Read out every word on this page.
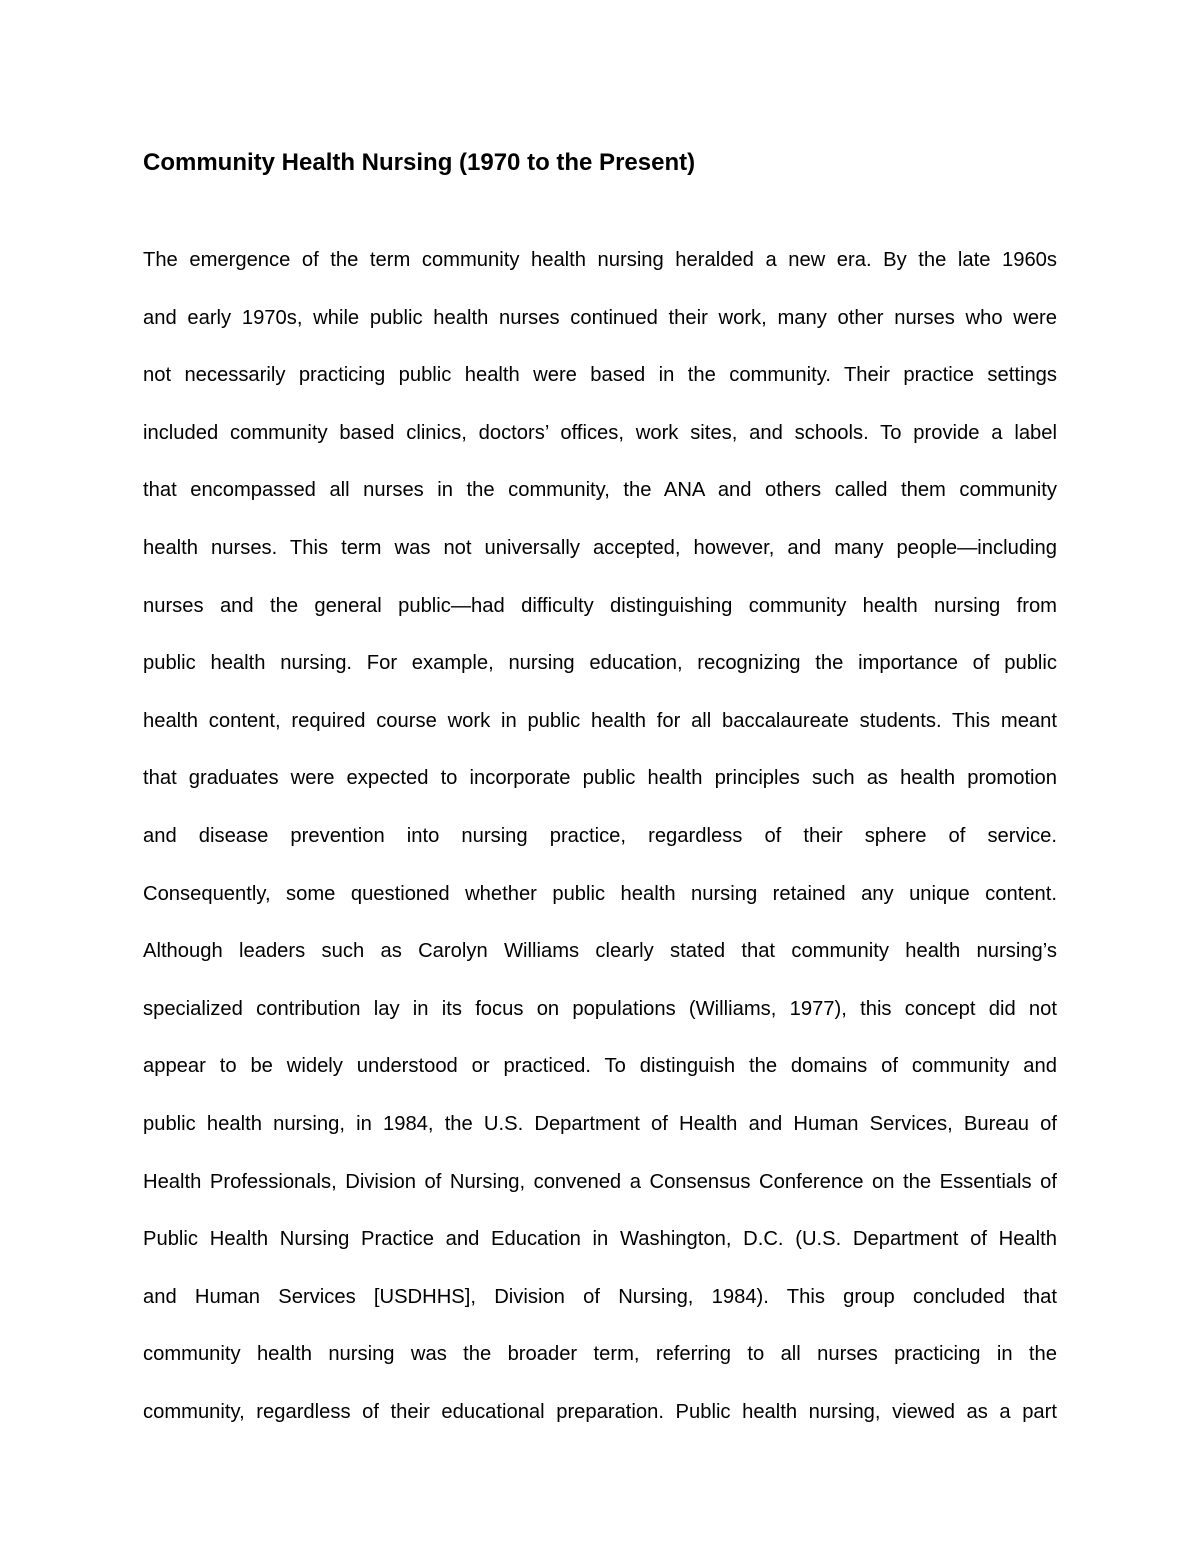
Community Health Nursing (1970 to the Present)
The emergence of the term community health nursing heralded a new era. By the late 1960s
and early 1970s, while public health nurses continued their work, many other nurses who were
not necessarily practicing public health were based in the community. Their practice settings
included community based clinics, doctors’ offices, work sites, and schools. To provide a label
that encompassed all nurses in the community, the ANA and others called them community
health nurses. This term was not universally accepted, however, and many people—including
nurses and the general public—had difficulty distinguishing community health nursing from
public health nursing. For example, nursing education, recognizing the importance of public
health content, required course work in public health for all baccalaureate students. This meant
that graduates were expected to incorporate public health principles such as health promotion
and disease prevention into nursing practice, regardless of their sphere of service.
Consequently, some questioned whether public health nursing retained any unique content.
Although leaders such as Carolyn Williams clearly stated that community health nursing’s
specialized contribution lay in its focus on populations (Williams, 1977), this concept did not
appear to be widely understood or practiced. To distinguish the domains of community and
public health nursing, in 1984, the U.S. Department of Health and Human Services, Bureau of
Health Professionals, Division of Nursing, convened a Consensus Conference on the Essentials of
Public Health Nursing Practice and Education in Washington, D.C. (U.S. Department of Health
and Human Services [USDHHS], Division of Nursing, 1984). This group concluded that
community health nursing was the broader term, referring to all nurses practicing in the
community, regardless of their educational preparation. Public health nursing, viewed as a part
